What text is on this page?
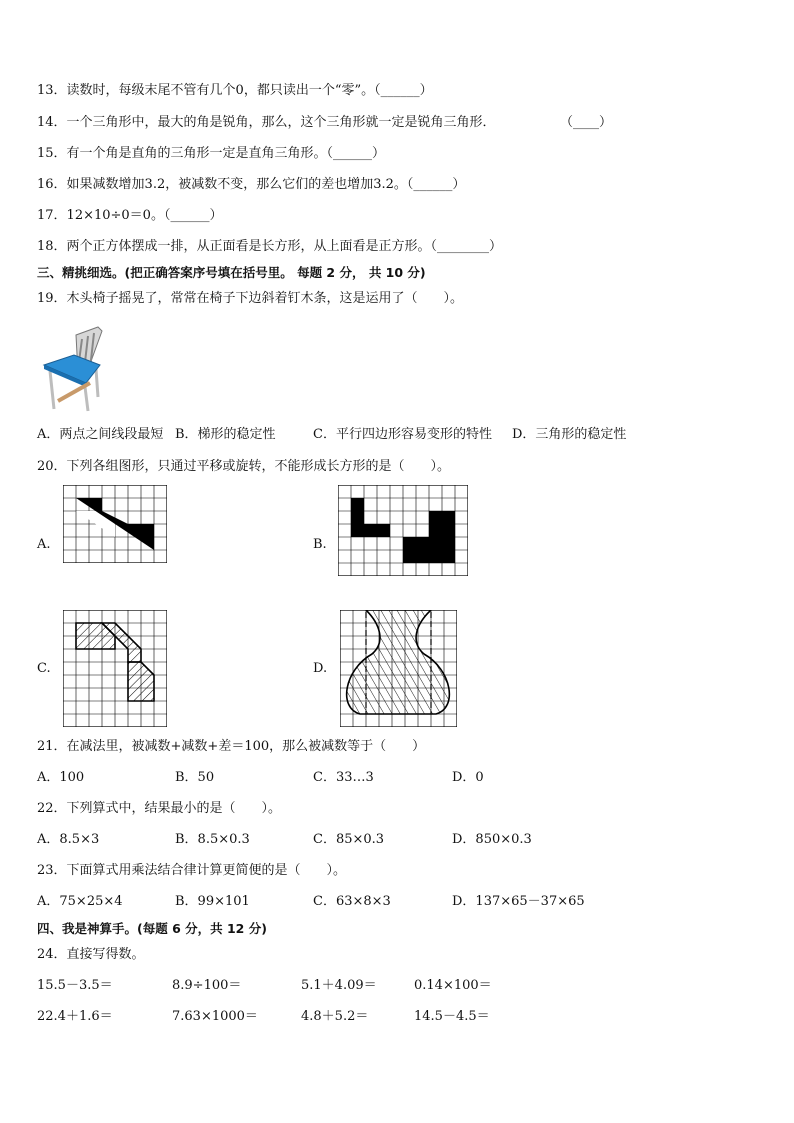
13．读数时，每级末尾不管有几个0，都只读出一个“零”。（______）
14．一个三角形中，最大的角是锐角，那么，这个三角形就一定是锐角三角形．	（____）
15．有一个角是直角的三角形一定是直角三角形。（______）
16．如果减数增加3.2，被减数不变，那么它们的差也增加3.2。（______）
17．12×10÷0＝0。（______）
18．两个正方体摆成一排，从正面看是长方形，从上面看是正方形。（________）
三、精挑细选。(把正确答案序号填在括号里。 每题 2 分， 共 10 分)
19．木头椅子摇晃了，常常在椅子下边斜着钉木条，这是运用了（　　）。
A．两点之间线段最短 B．梯形的稳定性	C．平行四边形容易变形的特性 D．三角形的稳定性
20．下列各组图形，只通过平移或旋转，不能形成长方形的是（　　）。
A.	B.
C.	D.
21．在减法里，被减数+减数+差＝100，那么被减数等于（　　）
A．100	B．50	C．33…3	D．0
22．下列算式中，结果最小的是（　　）。
A．8.5×3	B．8.5×0.3	C．85×0.3	D．850×0.3
23．下面算式用乘法结合律计算更简便的是（　　）。
A．75×25×4	B．99×101	C．63×8×3	D．137×65－37×65
四、我是神算手。(每题 6 分，共 12 分)
24．直接写得数。
15.5－3.5＝	8.9÷100＝	5.1＋4.09＝	0.14×100＝
22.4＋1.6＝	7.63×1000＝	4.8＋5.2＝	14.5－4.5＝
